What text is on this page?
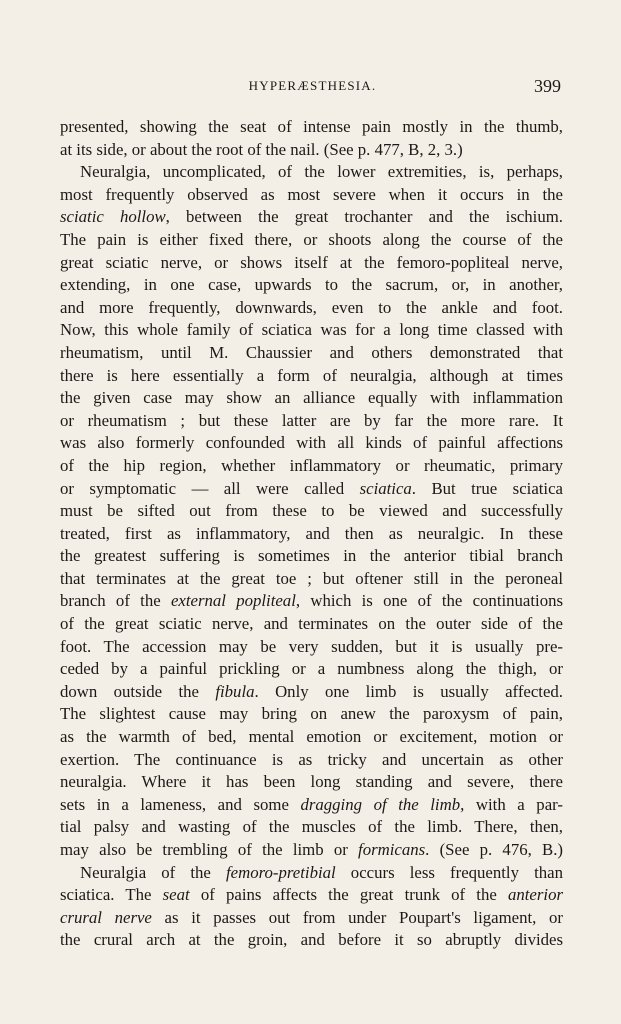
HYPERÆSTHESIA.	399
presented, showing the seat of intense pain mostly in the thumb,
at its side, or about the root of the nail. (See p. 477, B, 2, 3.)
Neuralgia, uncomplicated, of the lower extremities, is, perhaps,
most frequently observed as most severe when it occurs in the
sciatic hollow, between the great trochanter and the ischium.
The pain is either fixed there, or shoots along the course of the
great sciatic nerve, or shows itself at the femoro-popliteal nerve,
extending, in one case, upwards to the sacrum, or, in another,
and more frequently, downwards, even to the ankle and foot.
Now, this whole family of sciatica was for a long time classed with
rheumatism, until M. Chaussier and others demonstrated that
there is here essentially a form of neuralgia, although at times
the given case may show an alliance equally with inflammation
or rheumatism ; but these latter are by far the more rare. It
was also formerly confounded with all kinds of painful affections
of the hip region, whether inflammatory or rheumatic, primary
or symptomatic — all were called sciatica. But true sciatica
must be sifted out from these to be viewed and successfully
treated, first as inflammatory, and then as neuralgic. In these
the greatest suffering is sometimes in the anterior tibial branch
that terminates at the great toe ; but oftener still in the peroneal
branch of the external popliteal, which is one of the continuations
of the great sciatic nerve, and terminates on the outer side of the
foot. The accession may be very sudden, but it is usually pre-
ceded by a painful prickling or a numbness along the thigh, or
down outside the fibula. Only one limb is usually affected.
The slightest cause may bring on anew the paroxysm of pain,
as the warmth of bed, mental emotion or excitement, motion or
exertion. The continuance is as tricky and uncertain as other
neuralgia. Where it has been long standing and severe, there
sets in a lameness, and some dragging of the limb, with a par-
tial palsy and wasting of the muscles of the limb. There, then,
may also be trembling of the limb or formicans. (See p. 476, B.)
Neuralgia of the femoro-pretibial occurs less frequently than
sciatica. The seat of pains affects the great trunk of the anterior
crural nerve as it passes out from under Poupart's ligament, or
the crural arch at the groin, and before it so abruptly divides
